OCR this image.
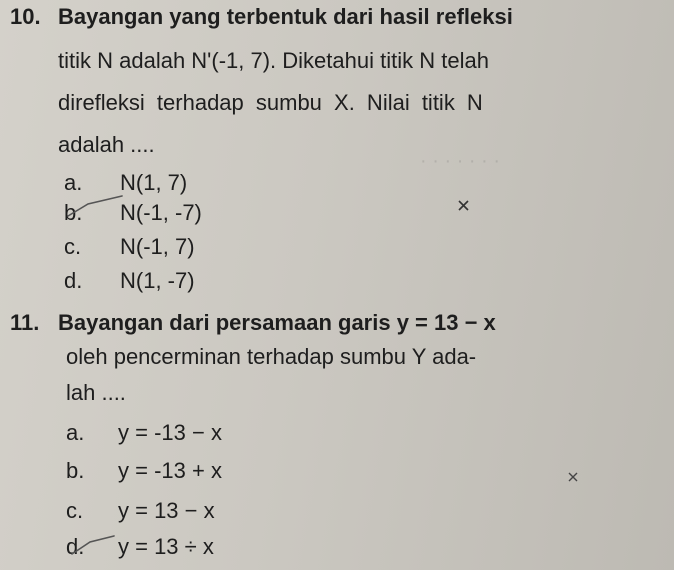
· · · · · · ·
10. Bayangan yang terbentuk dari hasil refleksi
titik N adalah N'(-1, 7). Diketahui titik N telah
direfleksi terhadap sumbu X. Nilai titik N
adalah ....
a. N(1, 7)
b. N(-1, -7)
c. N(-1, 7)
d. N(1, -7)
11. Bayangan dari persamaan garis y = 13 − x
oleh pencerminan terhadap sumbu Y ada-
lah ....
a. y = -13 − x
b. y = -13 + x
c. y = 13 − x
d. y = 13 ÷ x
